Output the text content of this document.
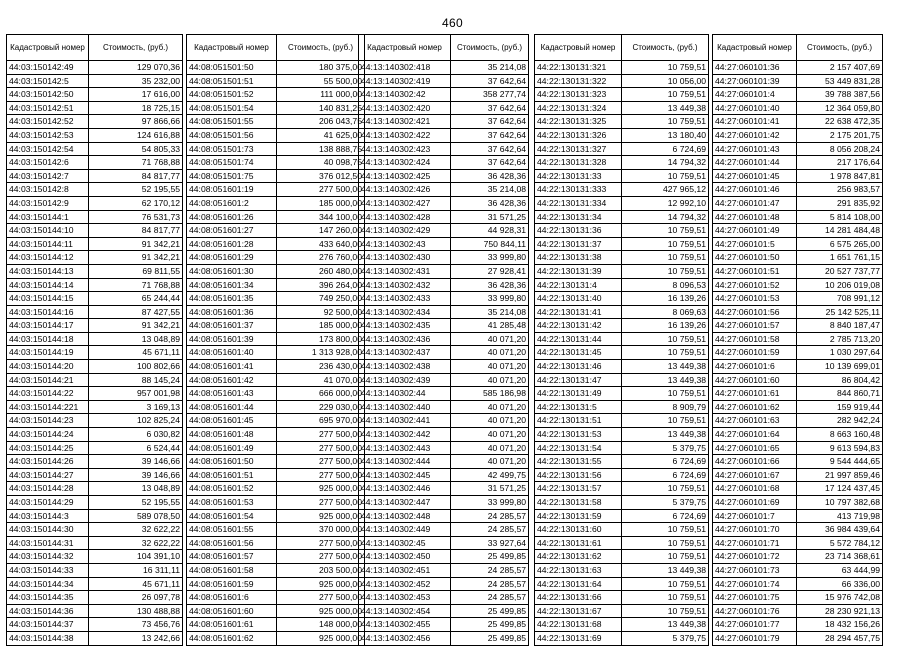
460
Кадастровый номер	Стоимость, (руб.)
44:03:150142:49	129 070,36
44:03:150142:5	35 232,00
44:03:150142:50	17 616,00
44:03:150142:51	18 725,15
44:03:150142:52	97 866,66
44:03:150142:53	124 616,88
44:03:150142:54	54 805,33
44:03:150142:6	71 768,88
44:03:150142:7	84 817,77
44:03:150142:8	52 195,55
44:03:150142:9	62 170,12
44:03:150144:1	76 531,73
44:03:150144:10	84 817,77
44:03:150144:11	91 342,21
44:03:150144:12	91 342,21
44:03:150144:13	69 811,55
44:03:150144:14	71 768,88
44:03:150144:15	65 244,44
44:03:150144:16	87 427,55
44:03:150144:17	91 342,21
44:03:150144:18	13 048,89
44:03:150144:19	45 671,11
44:03:150144:20	100 802,66
44:03:150144:21	88 145,24
44:03:150144:22	957 001,98
44:03:150144:221	3 169,13
44:03:150144:23	102 825,24
44:03:150144:24	6 030,82
44:03:150144:25	6 524,44
44:03:150144:26	39 146,66
44:03:150144:27	39 146,66
44:03:150144:28	13 048,89
44:03:150144:29	52 195,55
44:03:150144:3	589 078,50
44:03:150144:30	32 622,22
44:03:150144:31	32 622,22
44:03:150144:32	104 391,10
44:03:150144:33	16 311,11
44:03:150144:34	45 671,11
44:03:150144:35	26 097,78
44:03:150144:36	130 488,88
44:03:150144:37	73 456,76
44:03:150144:38	13 242,66
Кадастровый номер	Стоимость, (руб.)
44:08:051501:50	180 375,00
44:08:051501:51	55 500,00
44:08:051501:52	111 000,00
44:08:051501:54	140 831,25
44:08:051501:55	206 043,75
44:08:051501:56	41 625,00
44:08:051501:73	138 888,75
44:08:051501:74	40 098,75
44:08:051501:75	376 012,50
44:08:051601:19	277 500,00
44:08:051601:2	185 000,00
44:08:051601:26	344 100,00
44:08:051601:27	147 260,00
44:08:051601:28	433 640,00
44:08:051601:29	276 760,00
44:08:051601:30	260 480,00
44:08:051601:34	396 264,00
44:08:051601:35	749 250,00
44:08:051601:36	92 500,00
44:08:051601:37	185 000,00
44:08:051601:39	173 800,00
44:08:051601:40	1 313 928,00
44:08:051601:41	236 430,00
44:08:051601:42	41 070,00
44:08:051601:43	666 000,00
44:08:051601:44	229 030,00
44:08:051601:45	695 970,00
44:08:051601:48	277 500,00
44:08:051601:49	277 500,00
44:08:051601:50	277 500,00
44:08:051601:51	277 500,00
44:08:051601:52	925 000,00
44:08:051601:53	277 500,00
44:08:051601:54	925 000,00
44:08:051601:55	370 000,00
44:08:051601:56	277 500,00
44:08:051601:57	277 500,00
44:08:051601:58	203 500,00
44:08:051601:59	925 000,00
44:08:051601:6	277 500,00
44:08:051601:60	925 000,00
44:08:051601:61	148 000,00
44:08:051601:62	925 000,00
Кадастровый номер	Стоимость, (руб.)
44:13:140302:418	35 214,08
44:13:140302:419	37 642,64
44:13:140302:42	358 277,74
44:13:140302:420	37 642,64
44:13:140302:421	37 642,64
44:13:140302:422	37 642,64
44:13:140302:423	37 642,64
44:13:140302:424	37 642,64
44:13:140302:425	36 428,36
44:13:140302:426	35 214,08
44:13:140302:427	36 428,36
44:13:140302:428	31 571,25
44:13:140302:429	44 928,31
44:13:140302:43	750 844,11
44:13:140302:430	33 999,80
44:13:140302:431	27 928,41
44:13:140302:432	36 428,36
44:13:140302:433	33 999,80
44:13:140302:434	35 214,08
44:13:140302:435	41 285,48
44:13:140302:436	40 071,20
44:13:140302:437	40 071,20
44:13:140302:438	40 071,20
44:13:140302:439	40 071,20
44:13:140302:44	585 186,98
44:13:140302:440	40 071,20
44:13:140302:441	40 071,20
44:13:140302:442	40 071,20
44:13:140302:443	40 071,20
44:13:140302:444	40 071,20
44:13:140302:445	42 499,75
44:13:140302:446	31 571,25
44:13:140302:447	33 999,80
44:13:140302:448	24 285,57
44:13:140302:449	24 285,57
44:13:140302:45	33 927,64
44:13:140302:450	25 499,85
44:13:140302:451	24 285,57
44:13:140302:452	24 285,57
44:13:140302:453	24 285,57
44:13:140302:454	25 499,85
44:13:140302:455	25 499,85
44:13:140302:456	25 499,85
Кадастровый номер	Стоимость, (руб.)
44:22:130131:321	10 759,51
44:22:130131:322	10 056,00
44:22:130131:323	10 759,51
44:22:130131:324	13 449,38
44:22:130131:325	10 759,51
44:22:130131:326	13 180,40
44:22:130131:327	6 724,69
44:22:130131:328	14 794,32
44:22:130131:33	10 759,51
44:22:130131:333	427 965,12
44:22:130131:334	12 992,10
44:22:130131:34	14 794,32
44:22:130131:36	10 759,51
44:22:130131:37	10 759,51
44:22:130131:38	10 759,51
44:22:130131:39	10 759,51
44:22:130131:4	8 096,53
44:22:130131:40	16 139,26
44:22:130131:41	8 069,63
44:22:130131:42	16 139,26
44:22:130131:44	10 759,51
44:22:130131:45	10 759,51
44:22:130131:46	13 449,38
44:22:130131:47	13 449,38
44:22:130131:49	10 759,51
44:22:130131:5	8 909,79
44:22:130131:51	10 759,51
44:22:130131:53	13 449,38
44:22:130131:54	5 379,75
44:22:130131:55	6 724,69
44:22:130131:56	6 724,69
44:22:130131:57	10 759,51
44:22:130131:58	5 379,75
44:22:130131:59	6 724,69
44:22:130131:60	10 759,51
44:22:130131:61	10 759,51
44:22:130131:62	10 759,51
44:22:130131:63	13 449,38
44:22:130131:64	10 759,51
44:22:130131:66	10 759,51
44:22:130131:67	10 759,51
44:22:130131:68	13 449,38
44:22:130131:69	5 379,75
Кадастровый номер	Стоимость, (руб.)
44:27:060101:36	2 157 407,69
44:27:060101:39	53 449 831,28
44:27:060101:4	39 788 387,56
44:27:060101:40	12 364 059,80
44:27:060101:41	22 638 472,35
44:27:060101:42	2 175 201,75
44:27:060101:43	8 056 208,24
44:27:060101:44	217 176,64
44:27:060101:45	1 978 847,81
44:27:060101:46	256 983,57
44:27:060101:47	291 835,92
44:27:060101:48	5 814 108,00
44:27:060101:49	14 281 484,48
44:27:060101:5	6 575 265,00
44:27:060101:50	1 651 761,15
44:27:060101:51	20 527 737,77
44:27:060101:52	10 206 019,08
44:27:060101:53	708 991,12
44:27:060101:56	25 142 525,11
44:27:060101:57	8 840 187,47
44:27:060101:58	2 785 713,20
44:27:060101:59	1 030 297,64
44:27:060101:6	10 139 699,01
44:27:060101:60	86 804,42
44:27:060101:61	844 860,71
44:27:060101:62	159 919,44
44:27:060101:63	282 942,24
44:27:060101:64	8 663 160,48
44:27:060101:65	9 613 594,83
44:27:060101:66	9 544 444,65
44:27:060101:67	21 997 859,46
44:27:060101:68	17 124 437,45
44:27:060101:69	10 797 382,68
44:27:060101:7	413 719,98
44:27:060101:70	36 984 439,64
44:27:060101:71	5 572 784,12
44:27:060101:72	23 714 368,61
44:27:060101:73	63 444,99
44:27:060101:74	66 336,00
44:27:060101:75	15 976 742,08
44:27:060101:76	28 230 921,13
44:27:060101:77	18 432 156,26
44:27:060101:79	28 294 457,75
